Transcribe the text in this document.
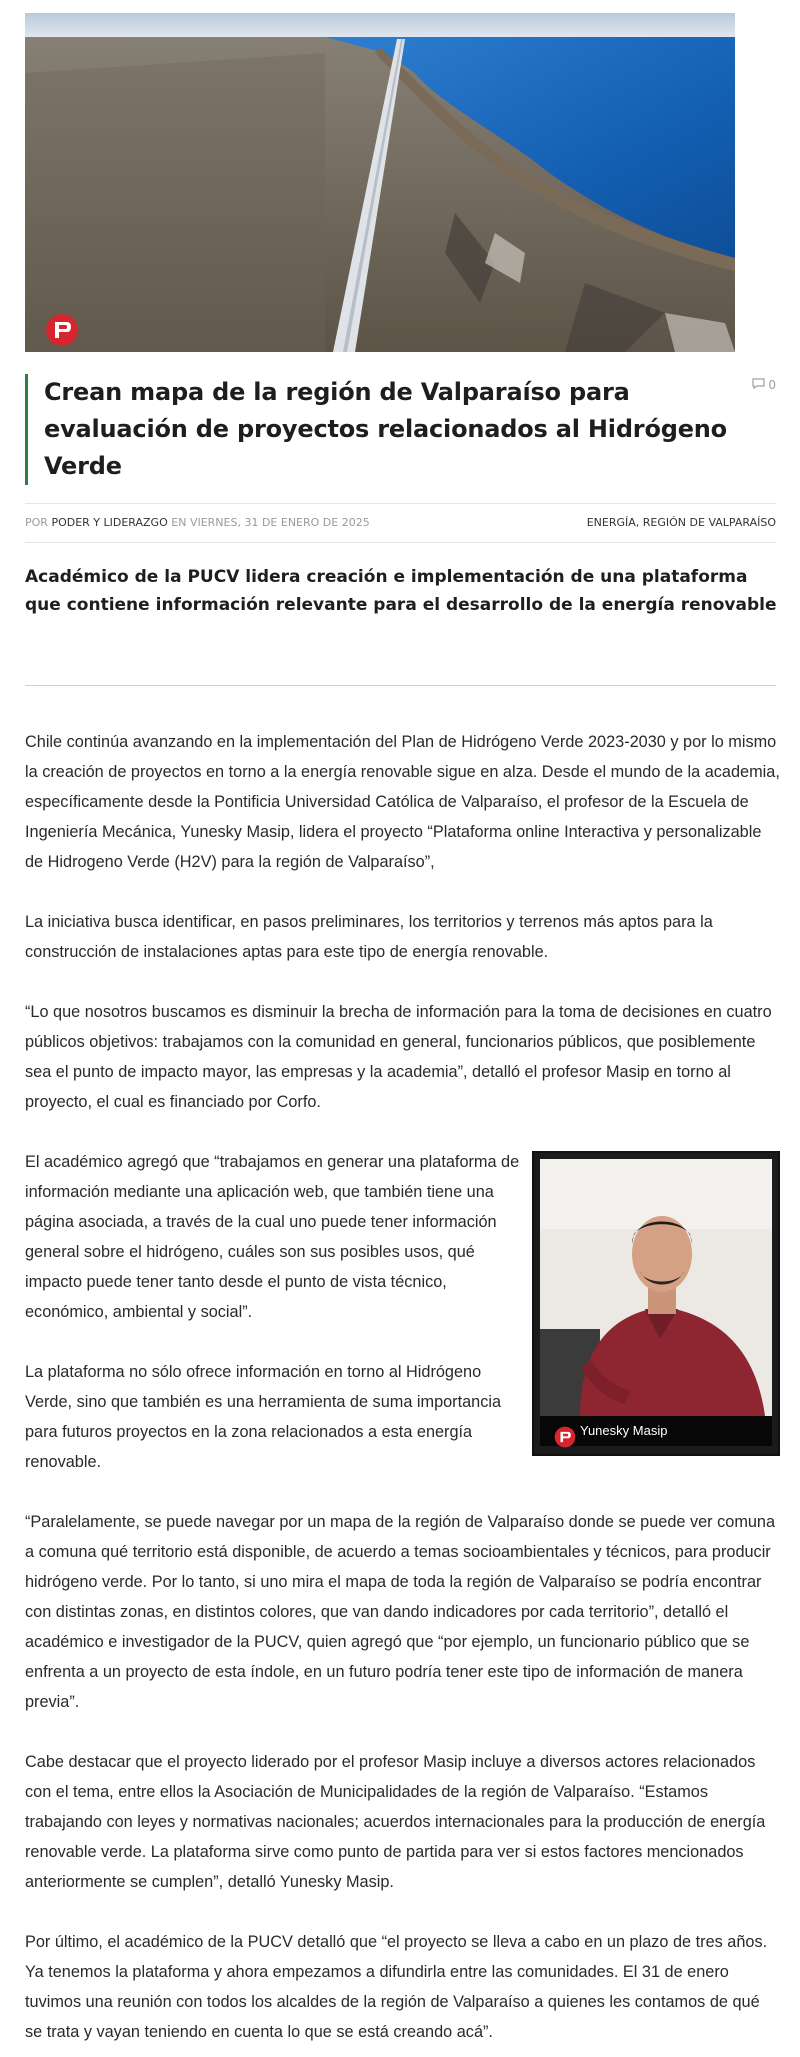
Crean mapa de la región de Valparaíso para evaluación de proyectos relacionados al Hidrógeno Verde
0
POR PODER Y LIDERAZGO EN VIERNES, 31 DE ENERO DE 2025	ENERGÍA, REGIÓN DE VALPARAÍSO

Académico de la PUCV lidera creación e implementación de una plataforma que contiene información relevante para el desarrollo de la energía renovable

Chile continúa avanzando en la implementación del Plan de Hidrógeno Verde 2023-2030 y por lo mismo la creación de proyectos en torno a la energía renovable sigue en alza. Desde el mundo de la academia, específicamente desde la Pontificia Universidad Católica de Valparaíso, el profesor de la Escuela de Ingeniería Mecánica, Yunesky Masip, lidera el proyecto “Plataforma online Interactiva y personalizable de Hidrogeno Verde (H2V) para la región de Valparaíso”,

La iniciativa busca identificar, en pasos preliminares, los territorios y terrenos más aptos para la construcción de instalaciones aptas para este tipo de energía renovable.

“Lo que nosotros buscamos es disminuir la brecha de información para la toma de decisiones en cuatro públicos objetivos: trabajamos con la comunidad en general, funcionarios públicos, que posiblemente sea el punto de impacto mayor, las empresas y la academia”, detalló el profesor Masip en torno al proyecto, el cual es financiado por Corfo.

El académico agregó que “trabajamos en generar una plataforma de información mediante una aplicación web, que también tiene una página asociada, a través de la cual uno puede tener información general sobre el hidrógeno, cuáles son sus posibles usos, qué impacto puede tener tanto desde el punto de vista técnico, económico, ambiental y social”.

La plataforma no sólo ofrece información en torno al Hidrógeno Verde, sino que también es una herramienta de suma importancia para futuros proyectos en la zona relacionados a esta energía renovable.

“Paralelamente, se puede navegar por un mapa de la región de Valparaíso donde se puede ver comuna a comuna qué territorio está disponible, de acuerdo a temas socioambientales y técnicos, para producir hidrógeno verde. Por lo tanto, si uno mira el mapa de toda la región de Valparaíso se podría encontrar con distintas zonas, en distintos colores, que van dando indicadores por cada territorio”, detalló el académico e investigador de la PUCV, quien agregó que “por ejemplo, un funcionario público que se enfrenta a un proyecto de esta índole, en un futuro podría tener este tipo de información de manera previa”.

Cabe destacar que el proyecto liderado por el profesor Masip incluye a diversos actores relacionados con el tema, entre ellos la Asociación de Municipalidades de la región de Valparaíso. “Estamos trabajando con leyes y normativas nacionales; acuerdos internacionales para la producción de energía renovable verde. La plataforma sirve como punto de partida para ver si estos factores mencionados anteriormente se cumplen”, detalló Yunesky Masip.

Por último, el académico de la PUCV detalló que “el proyecto se lleva a cabo en un plazo de tres años. Ya tenemos la plataforma y ahora empezamos a difundirla entre las comunidades. El 31 de enero tuvimos una reunión con todos los alcaldes de la región de Valparaíso a quienes les contamos de qué se trata y vayan teniendo en cuenta lo que se está creando acá”.

Yunesky Masip
